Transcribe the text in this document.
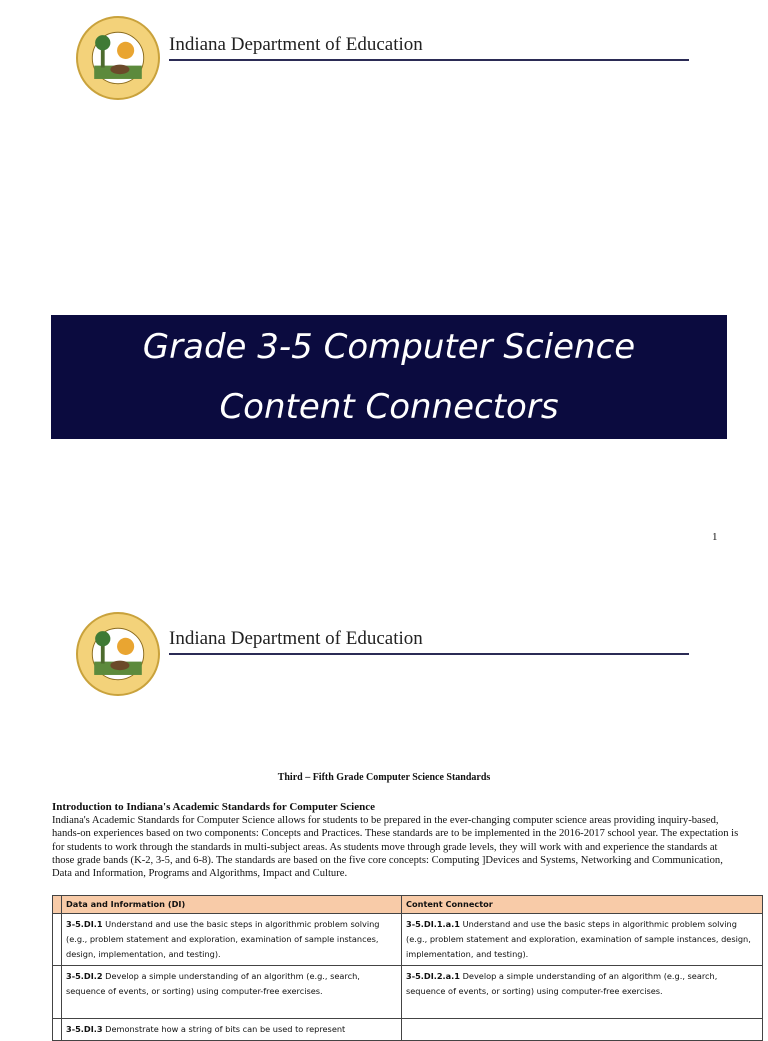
Indiana Department of Education
Grade 3-5 Computer Science
Content Connectors
1
Indiana Department of Education
Third – Fifth Grade Computer Science Standards
Introduction to Indiana's Academic Standards for Computer Science
Indiana's Academic Standards for Computer Science allows for students to be prepared in the ever-changing computer science areas providing inquiry-based, hands-on experiences based on two components: Concepts and Practices. These standards are to be implemented in the 2016-2017 school year. The expectation is for students to work through the standards in multi-subject areas. As students move through grade levels, they will work with and experience the standards at those grade bands (K-2, 3-5, and 6-8). The standards are based on the five core concepts: Computing ]Devices and Systems, Networking and Communication, Data and Information, Programs and Algorithms, Impact and Culture.
	Data and Information (DI)	Content Connector
	3-5.DI.1 Understand and use the basic steps in algorithmic problem solving (e.g., problem statement and exploration, examination of sample instances, design, implementation, and testing).	3-5.DI.1.a.1 Understand and use the basic steps in algorithmic problem solving (e.g., problem statement and exploration, examination of sample instances, design, implementation, and testing).
	3-5.DI.2 Develop a simple understanding of an algorithm (e.g., search, sequence of events, or sorting) using computer-free exercises.	3-5.DI.2.a.1 Develop a simple understanding of an algorithm (e.g., search, sequence of events, or sorting) using computer-free exercises.
	3-5.DI.3 Demonstrate how a string of bits can be used to represent	
